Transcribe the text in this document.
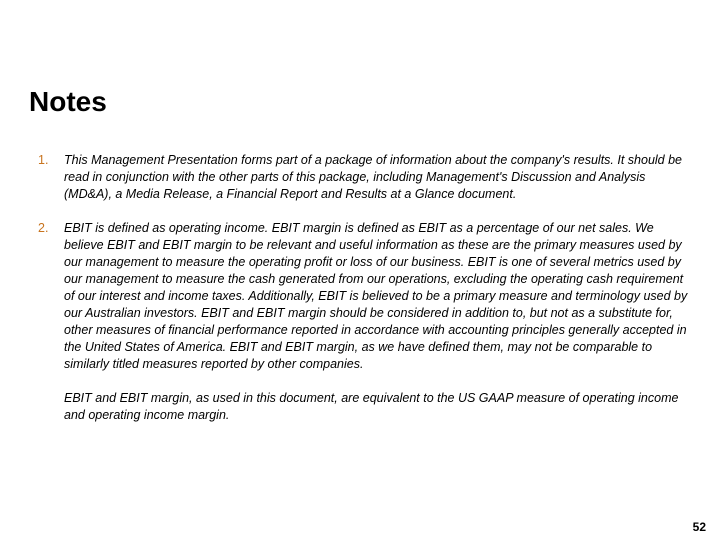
Notes
1.	This Management Presentation forms part of a package of information about the company's results. It should be read in conjunction with the other parts of this package, including Management's Discussion and Analysis (MD&A), a Media Release, a Financial Report and Results at a Glance document.
2.	EBIT is defined as operating income. EBIT margin is defined as EBIT as a percentage of our net sales. We believe EBIT and EBIT margin to be relevant and useful information as these are the primary measures used by our management to measure the operating profit or loss of our business. EBIT is one of several metrics used by our management to measure the cash generated from our operations, excluding the operating cash requirement of our interest and income taxes. Additionally, EBIT is believed to be a primary measure and terminology used by our Australian investors. EBIT and EBIT margin should be considered in addition to, but not as a substitute for, other measures of financial performance reported in accordance with accounting principles generally accepted in the United States of America. EBIT and EBIT margin, as we have defined them, may not be comparable to similarly titled measures reported by other companies.
EBIT and EBIT margin, as used in this document, are equivalent to the US GAAP measure of operating income and operating income margin.
52
